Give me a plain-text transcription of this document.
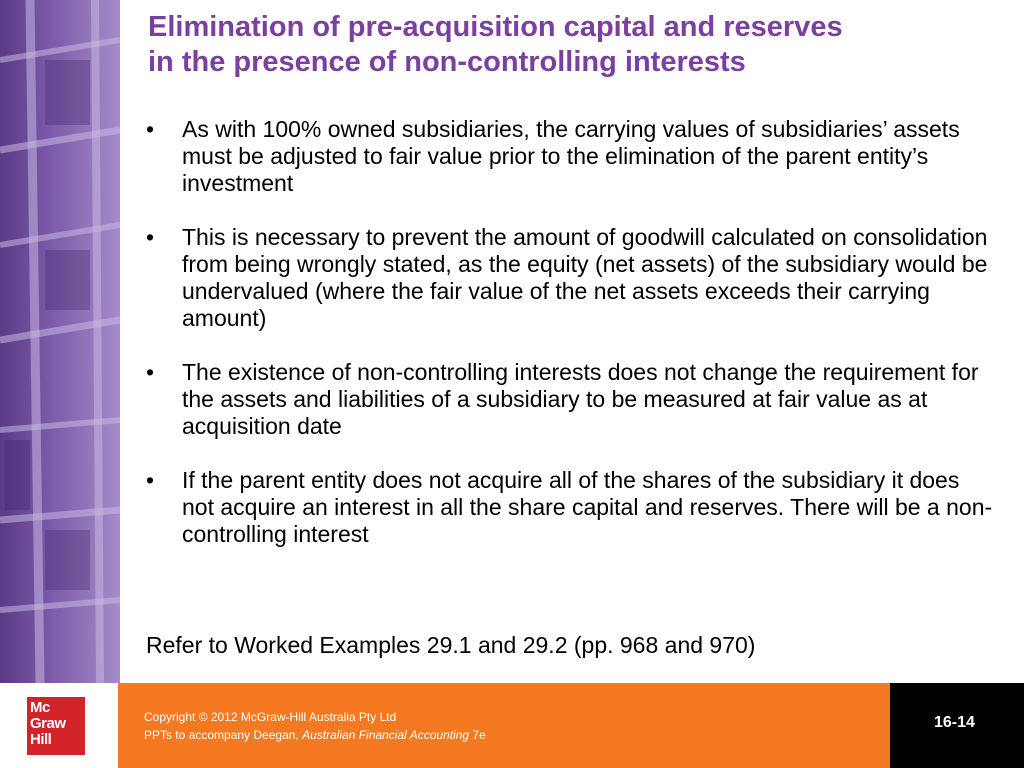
Elimination of pre-acquisition capital and reserves
in the presence of non-controlling interests
• As with 100% owned subsidiaries, the carrying values of subsidiaries’ assets must be adjusted to fair value prior to the elimination of the parent entity’s investment
• This is necessary to prevent the amount of goodwill calculated on consolidation from being wrongly stated, as the equity (net assets) of the subsidiary would be undervalued (where the fair value of the net assets exceeds their carrying amount)
• The existence of non-controlling interests does not change the requirement for the assets and liabilities of a subsidiary to be measured at fair value as at acquisition date
• If the parent entity does not acquire all of the shares of the subsidiary it does not acquire an interest in all the share capital and reserves. There will be a non-controlling interest
Refer to Worked Examples 29.1 and 29.2 (pp. 968 and 970)
Mc
Graw
Hill
Copyright © 2012 McGraw-Hill Australia Pty Ltd
PPTs to accompany Deegan, Australian Financial Accounting 7e
16-14
